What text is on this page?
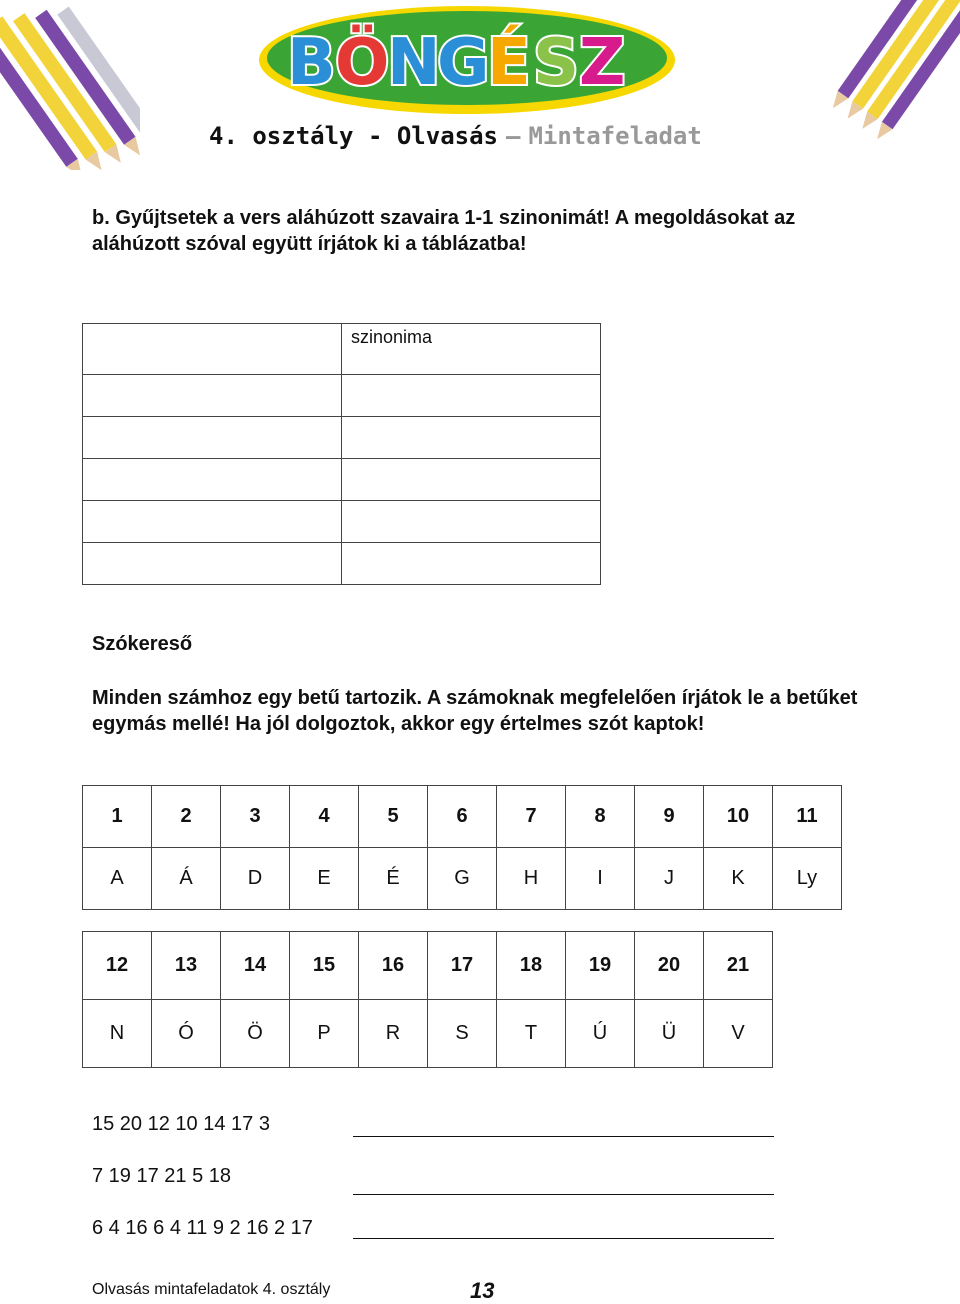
B Ö
N
G
É S Z
4. osztály - Olvasás – Mintafeladat
b. Gyűjtsetek a vers aláhúzott szavaira 1-1 szinonimát! A megoldásokat az aláhúzott szóval együtt írjátok ki a táblázatba!
	szinonima

Szókereső
Minden számhoz egy betű tartozik. A számoknak megfelelően írjátok le a betűket egymás mellé! Ha jól dolgoztok, akkor egy értelmes szót kaptok!
1	2	3	4	5	6	7	8	9	10	11
A	Á	D	E	É	G	H	I	J	K	Ly
12	13	14	15	16	17	18	19	20	21
N	Ó	Ö	P	R	S	T	Ú	Ü	V
15 20 12 10 14 17 3
7 19 17 21 5 18
6 4 16 6 4 11 9 2 16 2 17
Olvasás mintafeladatok 4. osztály	13
